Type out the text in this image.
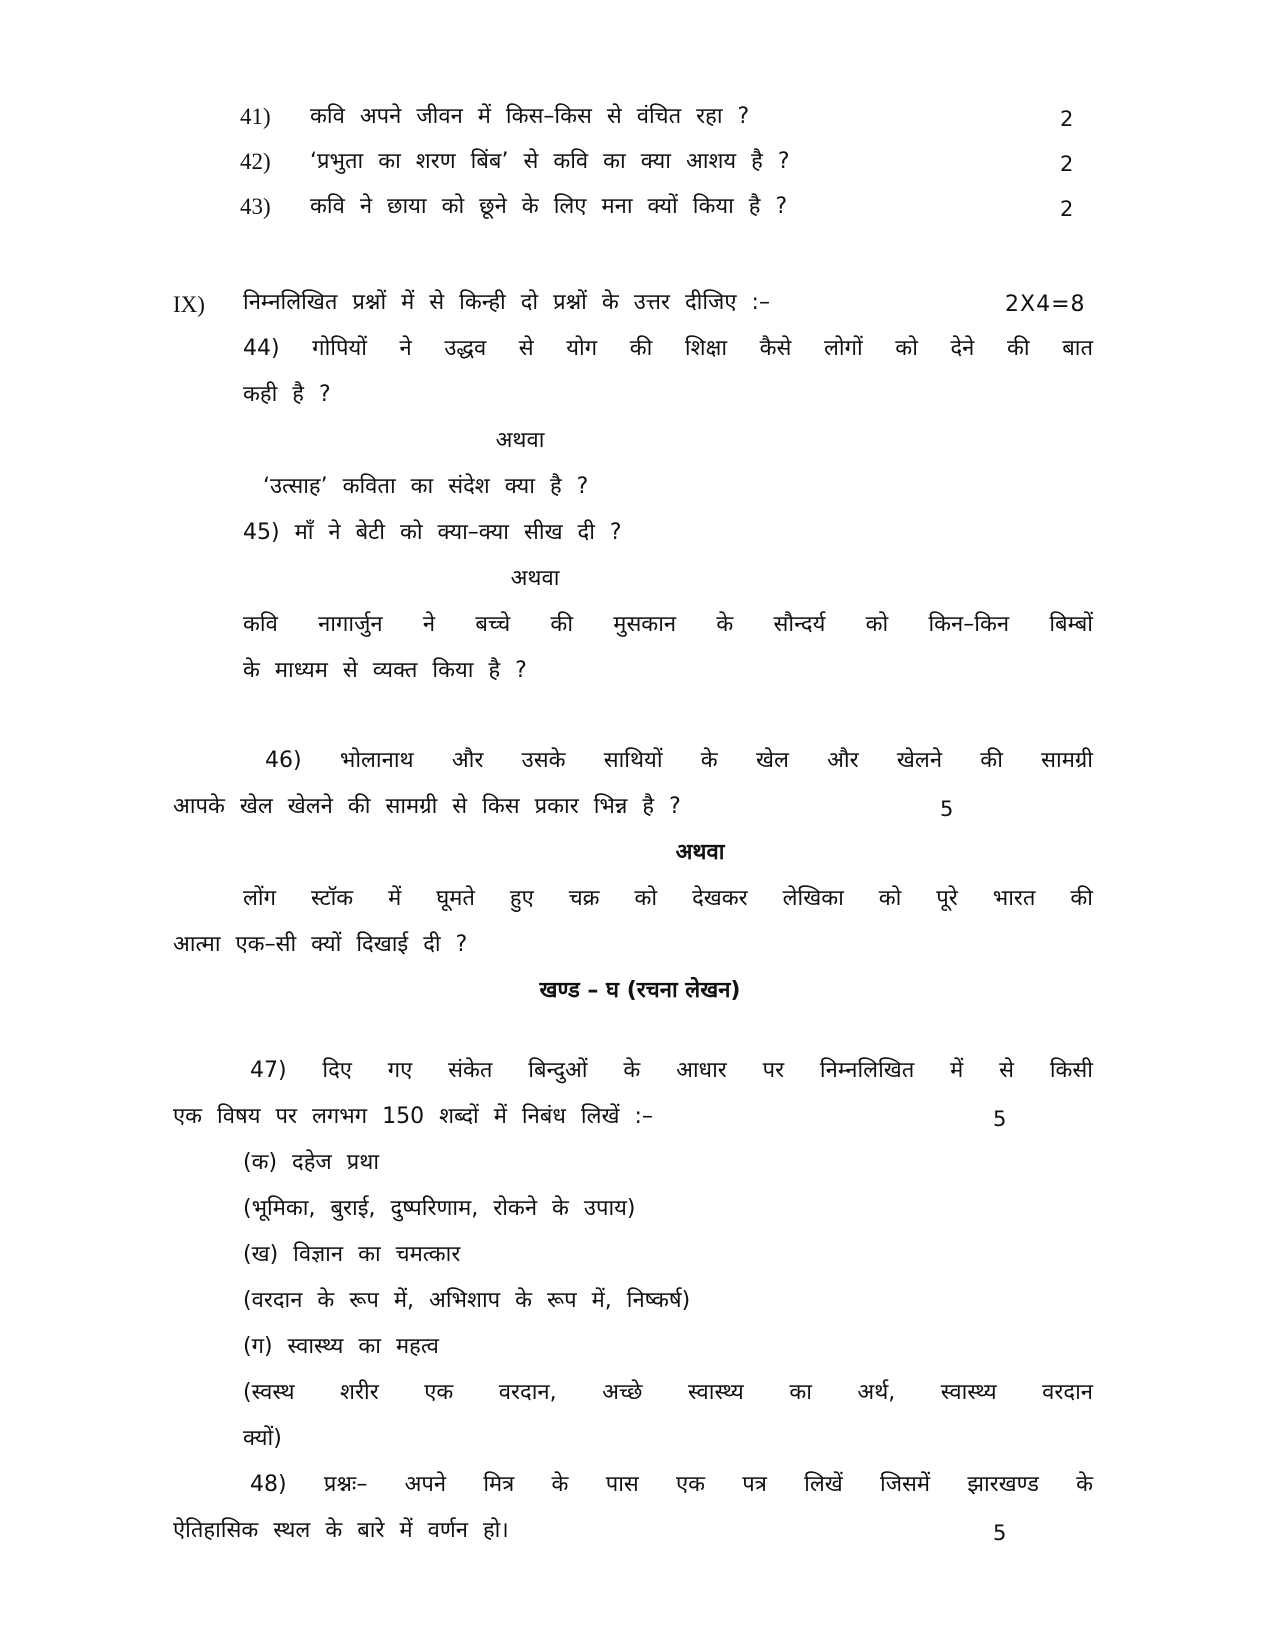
41) कवि अपने जीवन में किस–किस से वंचित रहा ?	2
42) ‘प्रभुता का शरण बिंब’ से कवि का क्या आशय है ?	2
43) कवि ने छाया को छूने के लिए मना क्यों किया है ?	2
IX) निम्नलिखित प्रश्नों में से किन्ही दो प्रश्नों के उत्तर दीजिए :–	2X4=8
44) गोपियों ने उद्धव से योग की शिक्षा कैसे लोगों को देने की बात
कही है ?
अथवा
‘उत्साह’ कविता का संदेश क्या है ?
45) माँ ने बेटी को क्या–क्या सीख दी ?
अथवा
कवि नागार्जुन ने बच्चे की मुसकान के सौन्दर्य को किन–किन बिम्बों
के माध्यम से व्यक्त किया है ?
46) भोलानाथ और उसके साथियों के खेल और खेलने की सामग्री
आपके खेल खेलने की सामग्री से किस प्रकार भिन्न है ?	5
अथवा
लोंग स्टॉक में घूमते हुए चक्र को देखकर लेखिका को पूरे भारत की
आत्मा एक–सी क्यों दिखाई दी ?
खण्ड – घ (रचना लेखन)
47) दिए गए संकेत बिन्दुओं के आधार पर निम्नलिखित में से किसी
एक विषय पर लगभग 150 शब्दों में निबंध लिखें :–	5
(क) दहेज प्रथा
(भूमिका, बुराई, दुष्परिणाम, रोकने के उपाय)
(ख) विज्ञान का चमत्कार
(वरदान के रूप में, अभिशाप के रूप में, निष्कर्ष)
(ग) स्वास्थ्य का महत्व
(स्वस्थ शरीर एक वरदान, अच्छे स्वास्थ्य का अर्थ, स्वास्थ्य वरदान
क्यों)
48) प्रश्नः– अपने मित्र के पास एक पत्र लिखें जिसमें झारखण्ड के
ऐतिहासिक स्थल के बारे में वर्णन हो।	5
